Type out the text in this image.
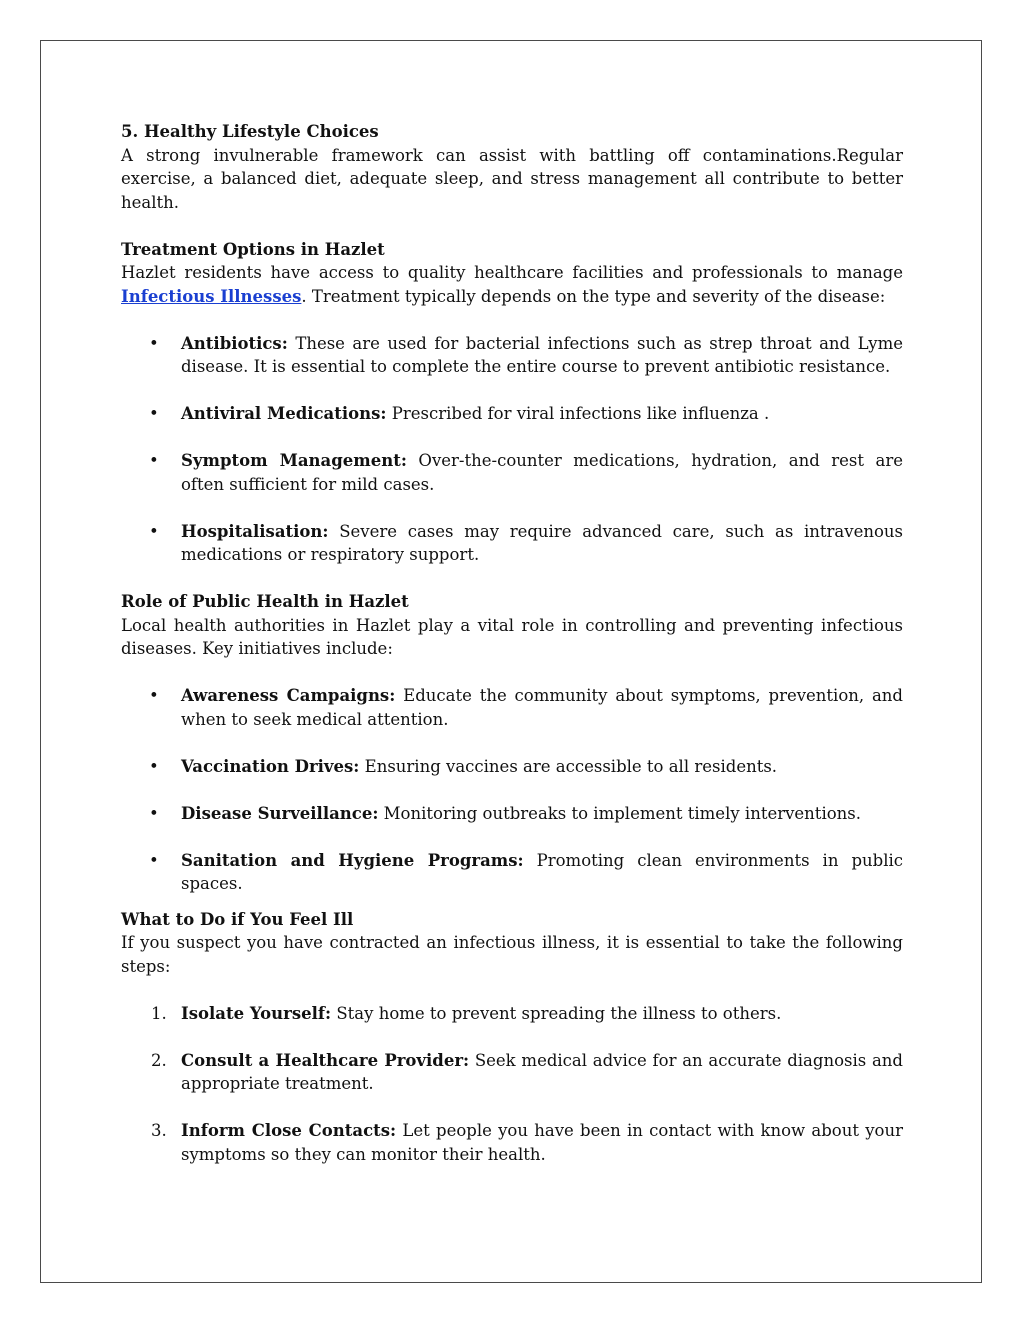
5. Healthy Lifestyle Choices

A strong invulnerable framework can assist with battling off contaminations.Regular exercise, a balanced diet, adequate sleep, and stress management all contribute to better health.

Treatment Options in Hazlet

Hazlet residents have access to quality healthcare facilities and professionals to manage Infectious Illnesses. Treatment typically depends on the type and severity of the disease:

• Antibiotics: These are used for bacterial infections such as strep throat and Lyme disease. It is essential to complete the entire course to prevent antibiotic resistance.
• Antiviral Medications: Prescribed for viral infections like influenza .
• Symptom Management: Over-the-counter medications, hydration, and rest are often sufficient for mild cases.
• Hospitalisation: Severe cases may require advanced care, such as intravenous medications or respiratory support.

Role of Public Health in Hazlet

Local health authorities in Hazlet play a vital role in controlling and preventing infectious diseases. Key initiatives include:

• Awareness Campaigns: Educate the community about symptoms, prevention, and when to seek medical attention.
• Vaccination Drives: Ensuring vaccines are accessible to all residents.
• Disease Surveillance: Monitoring outbreaks to implement timely interventions.
• Sanitation and Hygiene Programs: Promoting clean environments in public spaces.

What to Do if You Feel Ill

If you suspect you have contracted an infectious illness, it is essential to take the following steps:

1. Isolate Yourself: Stay home to prevent spreading the illness to others.
2. Consult a Healthcare Provider: Seek medical advice for an accurate diagnosis and appropriate treatment.
3. Inform Close Contacts: Let people you have been in contact with know about your symptoms so they can monitor their health.
